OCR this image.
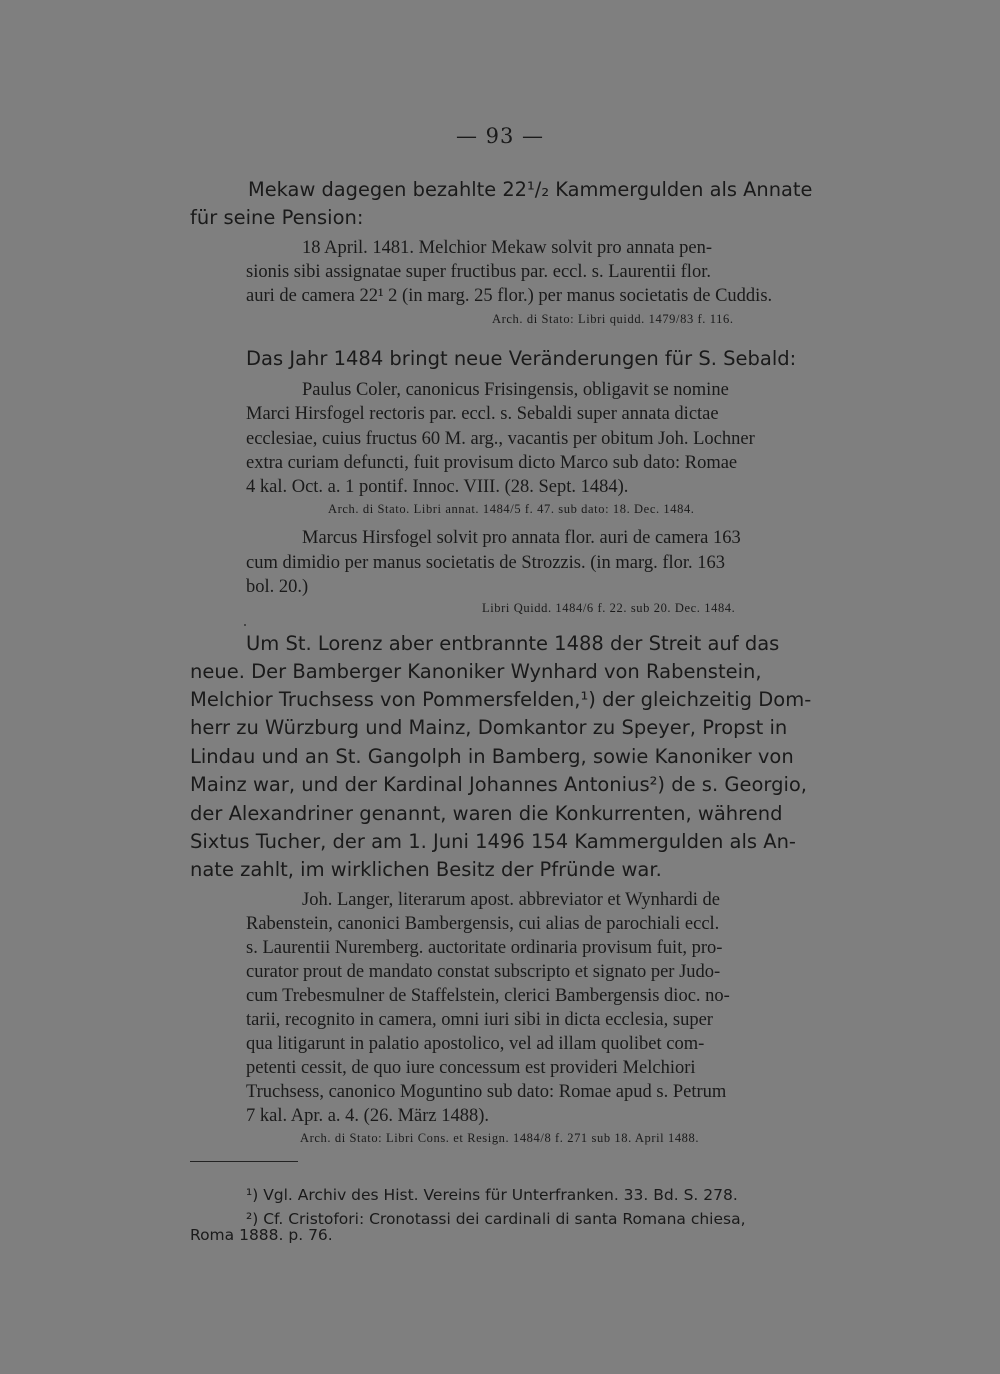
— 93 —
Mekaw dagegen bezahlte 22¹/₂ Kammergulden als Annate
für seine Pension:
18 April. 1481. Melchior Mekaw solvit pro annata pen-
sionis sibi assignatae super fructibus par. eccl. s. Laurentii flor.
auri de camera 22¹ 2 (in marg. 25 flor.) per manus societatis de Cuddis.
Arch. di Stato: Libri quidd. 1479/83 f. 116.
Das Jahr 1484 bringt neue Veränderungen für S. Sebald:
Paulus Coler, canonicus Frisingensis, obligavit se nomine
Marci Hirsfogel rectoris par. eccl. s. Sebaldi super annata dictae
ecclesiae, cuius fructus 60 M. arg., vacantis per obitum Joh. Lochner
extra curiam defuncti, fuit provisum dicto Marco sub dato: Romae
4 kal. Oct. a. 1 pontif. Innoc. VIII. (28. Sept. 1484).
Arch. di Stato. Libri annat. 1484/5 f. 47. sub dato: 18. Dec. 1484.
Marcus Hirsfogel solvit pro annata flor. auri de camera 163
cum dimidio per manus societatis de Strozzis. (in marg. flor. 163
bol. 20.)
Libri Quidd. 1484/6 f. 22. sub 20. Dec. 1484.
Um St. Lorenz aber entbrannte 1488 der Streit auf das
neue. Der Bamberger Kanoniker Wynhard von Rabenstein,
Melchior Truchsess von Pommersfelden,¹) der gleichzeitig Dom-
herr zu Würzburg und Mainz, Domkantor zu Speyer, Propst in
Lindau und an St. Gangolph in Bamberg, sowie Kanoniker von
Mainz war, und der Kardinal Johannes Antonius²) de s. Georgio,
der Alexandriner genannt, waren die Konkurrenten, während
Sixtus Tucher, der am 1. Juni 1496 154 Kammergulden als An-
nate zahlt, im wirklichen Besitz der Pfründe war.
Joh. Langer, literarum apost. abbreviator et Wynhardi de
Rabenstein, canonici Bambergensis, cui alias de parochiali eccl.
s. Laurentii Nuremberg. auctoritate ordinaria provisum fuit, pro-
curator prout de mandato constat subscripto et signato per Judo-
cum Trebesmulner de Staffelstein, clerici Bambergensis dioc. no-
tarii, recognito in camera, omni iuri sibi in dicta ecclesia, super
qua litigarunt in palatio apostolico, vel ad illam quolibet com-
petenti cessit, de quo iure concessum est provideri Melchiori
Truchsess, canonico Moguntino sub dato: Romae apud s. Petrum
7 kal. Apr. a. 4. (26. März 1488).
Arch. di Stato: Libri Cons. et Resign. 1484/8 f. 271 sub 18. April 1488.
¹) Vgl. Archiv des Hist. Vereins für Unterfranken. 33. Bd. S. 278.
²) Cf. Cristofori: Cronotassi dei cardinali di santa Romana chiesa,
Roma 1888. p. 76.
